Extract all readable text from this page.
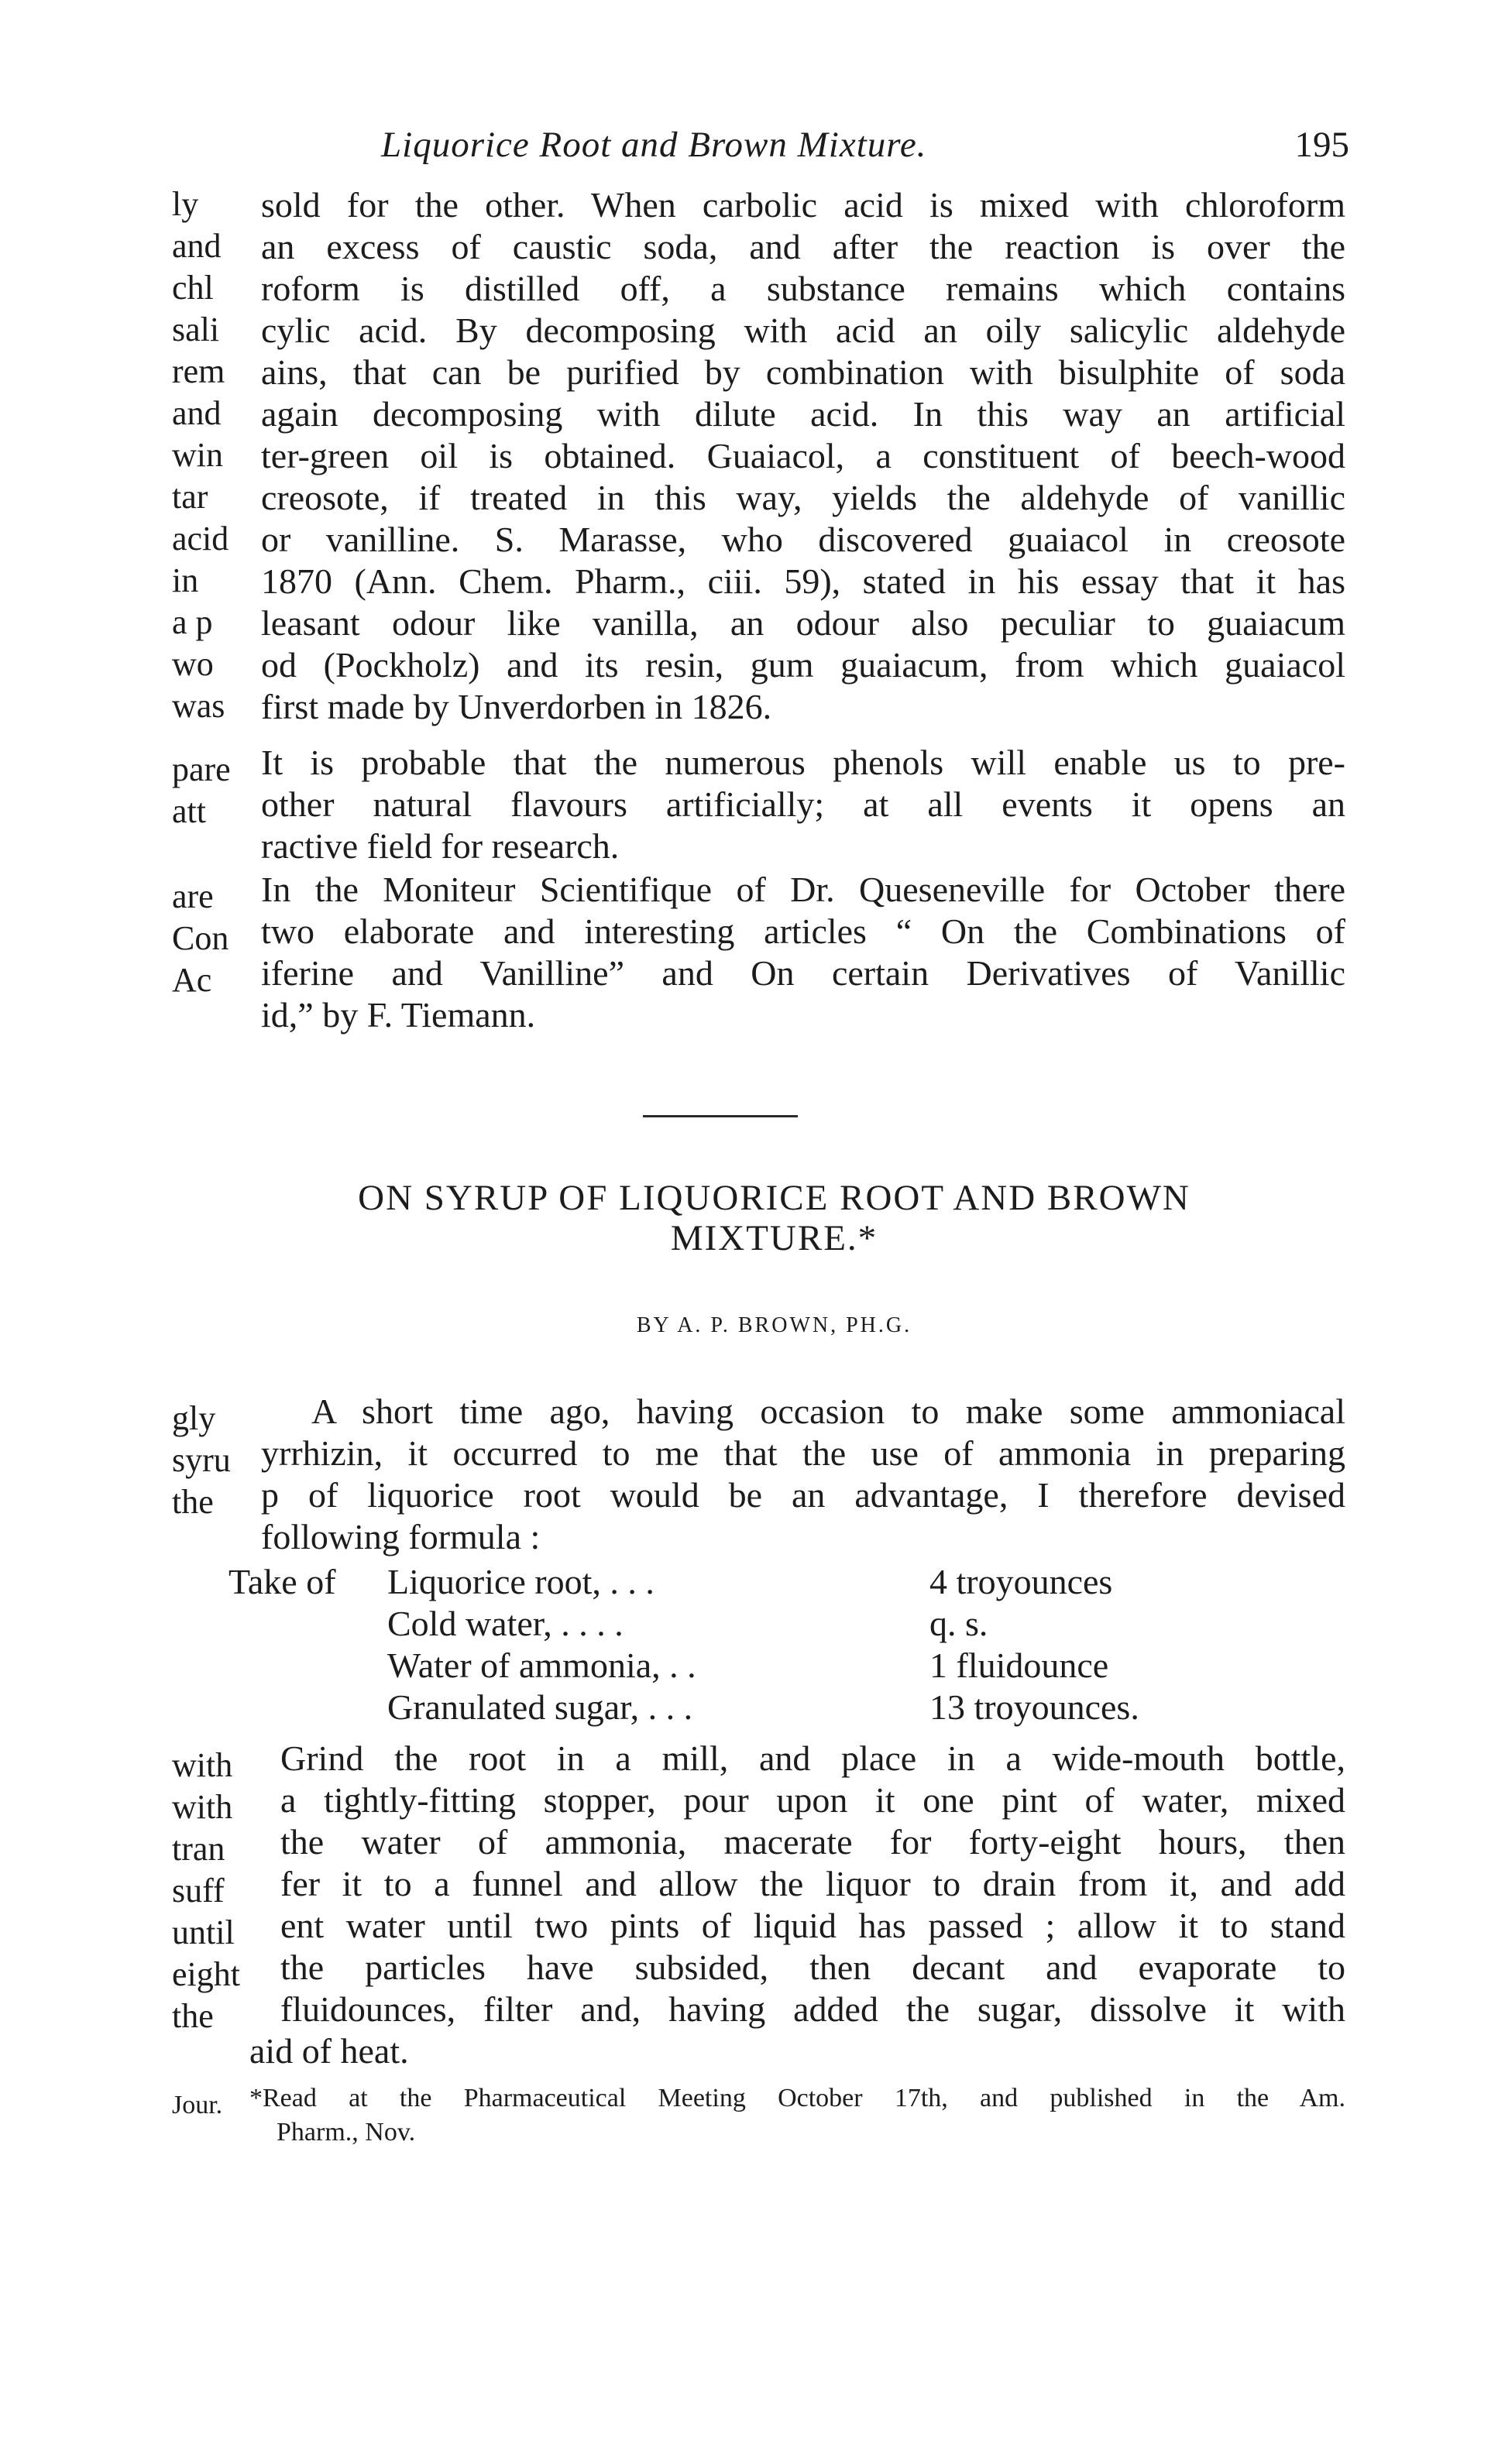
Liquorice Root and Brown Mixture.	195

sold for the other. When carbolic acid is mixed with chloroform
an excess of caustic soda, and after the reaction is over the
roform is distilled off, a substance remains which contains
cylic acid. By decomposing with acid an oily salicylic aldehyde
ains, that can be purified by combination with bisulphite of soda
again decomposing with dilute acid. In this way an artificial
ter-green oil is obtained. Guaiacol, a constituent of beech-wood
creosote, if treated in this way, yields the aldehyde of vanillic
or vanilline. S. Marasse, who discovered guaiacol in creosote
1870 (Ann. Chem. Pharm., ciii. 59), stated in his essay that it has
leasant odour like vanilla, an odour also peculiar to guaiacum
od (Pockholz) and its resin, gum guaiacum, from which guaiacol
first made by Unverdorben in 1826.

It is probable that the numerous phenols will enable us to pre-
other natural flavours artificially; at all events it opens an
ractive field for research.

In the Moniteur Scientifique of Dr. Queseneville for October there
two elaborate and interesting articles “ On the Combinations of
iferine and Vanilline” and On certain Derivatives of Vanillic
id,” by F. Tiemann.

ON SYRUP OF LIQUORICE ROOT AND BROWN
MIXTURE.*
BY A. P. BROWN, PH.G.

A short time ago, having occasion to make some ammoniacal
yrrhizin, it occurred to me that the use of ammonia in preparing
p of liquorice root would be an advantage, I therefore devised
following formula :

Take of Liquorice root, . . .	4 troyounces
Cold water, . . . .	q. s.
Water of ammonia, . .	1 fluidounce
Granulated sugar, . . .	13 troyounces.

Grind the root in a mill, and place in a wide-mouth bottle,
a tightly-fitting stopper, pour upon it one pint of water, mixed
the water of ammonia, macerate for forty-eight hours, then
fer it to a funnel and allow the liquor to drain from it, and add
ent water until two pints of liquid has passed ; allow it to stand
the particles have subsided, then decant and evaporate to
fluidounces, filter and, having added the sugar, dissolve it with
aid of heat.

*Read at the Pharmaceutical Meeting October 17th, and published in the Am.
Pharm., Nov.

ly
and
chl
sali
rem
and
win
tar
acid
in
a p
wo
was
pare
att
are
Con
Ac
gly
syru
the
with
with
tran
suff
until
eight
the
Jour.
